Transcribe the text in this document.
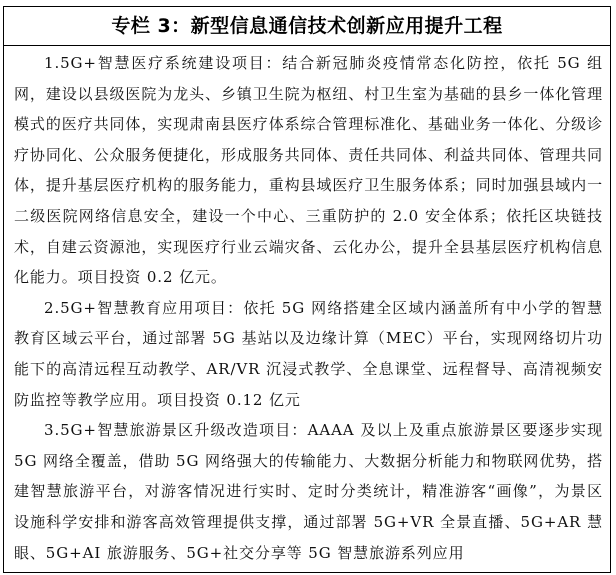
专栏 3：新型信息通信技术创新应用提升工程

1.5G+智慧医疗系统建设项目：结合新冠肺炎疫情常态化防控，依托 5G 组网，建设以县级医院为龙头、乡镇卫生院为枢纽、村卫生室为基础的县乡一体化管理模式的医疗共同体，实现肃南县医疗体系综合管理标准化、基础业务一体化、分级诊疗协同化、公众服务便捷化，形成服务共同体、责任共同体、利益共同体、管理共同体，提升基层医疗机构的服务能力，重构县域医疗卫生服务体系；同时加强县域内一二级医院网络信息安全，建设一个中心、三重防护的 2.0 安全体系；依托区块链技术，自建云资源池，实现医疗行业云端灾备、云化办公，提升全县基层医疗机构信息化能力。项目投资 0.2 亿元。

2.5G+智慧教育应用项目：依托 5G 网络搭建全区域内涵盖所有中小学的智慧教育区域云平台，通过部署 5G 基站以及边缘计算（MEC）平台，实现网络切片功能下的高清远程互动教学、AR/VR 沉浸式教学、全息课堂、远程督导、高清视频安防监控等教学应用。项目投资 0.12 亿元

3.5G+智慧旅游景区升级改造项目：AAAA 及以上及重点旅游景区要逐步实现 5G 网络全覆盖，借助 5G 网络强大的传输能力、大数据分析能力和物联网优势，搭建智慧旅游平台，对游客情况进行实时、定时分类统计，精准游客“画像”，为景区设施科学安排和游客高效管理提供支撑，通过部署 5G+VR 全景直播、5G+AR 慧眼、5G+AI 旅游服务、5G+社交分享等 5G 智慧旅游系列应用
